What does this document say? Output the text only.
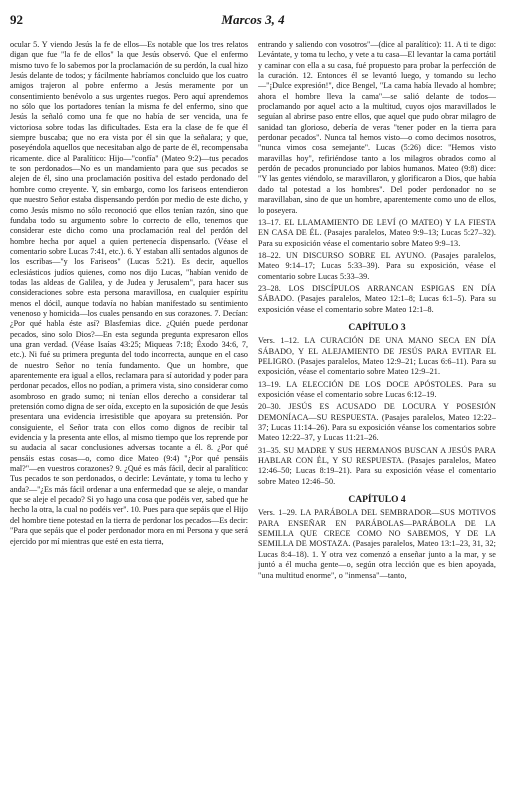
92	Marcos 3, 4

ocular 5. Y viendo Jesús la fe de ellos—Es notable que los tres relatos digan que fue "la fe de ellos" la que Jesús observó. Que el enfermo mismo tuvo fe lo sabemos por la proclamación de su perdón, la cual hizo Jesús delante de todos; y fácilmente habríamos concluido que los cuatro amigos trajeron al pobre enfermo a Jesús meramente por un consentimiento benévolo a sus urgentes ruegos. Pero aquí aprendemos no sólo que los portadores tenían la misma fe del enfermo, sino que Jesús la señaló como una fe que no había de ser vencida, una fe victoriosa sobre todas las dificultades. Esta era la clase de fe que él siempre buscaba; que no era vista por él sin que la señalara; y que, poseyéndola aquellos que necesitaban algo de parte de él, recompensaba ricamente. dice al Paralítico: Hijo—"confía" (Mateo 9:2)—tus pecados te son perdonados—No es un mandamiento para que sus pecados se alejen de él, sino una proclamación positiva del estado perdonado del hombre como creyente. Y, sin embargo, como los fariseos entendieron que nuestro Señor estaba dispensando perdón por medio de este dicho, y como Jesús mismo no sólo reconoció que ellos tenían razón, sino que fundaba todo su argumento sobre lo correcto de ello, tenemos que considerar este dicho como una proclamación real del perdón del hombre hecha por aquel a quien pertenecía dispensarlo. (Véase el comentario sobre Lucas 7:41, etc.). 6. Y estaban allí sentados algunos de los escribas—"y los Fariseos" (Lucas 5:21). Es decir, aquellos eclesiásticos judíos quienes, como nos dijo Lucas, "habían venido de todas las aldeas de Galilea, y de Judea y Jerusalem", para hacer sus consideraciones sobre esta persona maravillosa, en cualquier espíritu menos el dócil, aunque todavía no habían manifestado su sentimiento venenoso y homicida—los cuales pensando en sus corazones. 7. Decían: ¿Por qué habla éste así? Blasfemias dice. ¿Quién puede perdonar pecados, sino solo Dios?—En esta segunda pregunta expresaron ellos una gran verdad. (Véase Isaías 43:25; Miqueas 7:18; Éxodo 34:6, 7, etc.). Ni fué su primera pregunta del todo incorrecta, aunque en el caso de nuestro Señor no tenía fundamento. Que un hombre, que aparentemente era igual a ellos, reclamara para sí autoridad y poder para perdonar pecados, ellos no podían, a primera vista, sino considerar como asombroso en grado sumo; ni tenían ellos derecho a considerar tal pretensión como digna de ser oída, excepto en la suposición de que Jesús presentara una evidencia irresistible que apoyara su pretensión. Por consiguiente, el Señor trata con ellos como dignos de recibir tal evidencia y la presenta ante ellos, al mismo tiempo que los reprende por su audacia al sacar conclusiones adversas tocante a él. 8. ¿Por qué pensáis estas cosas—o, como dice Mateo (9:4) "¿Por qué pensáis mal?"—en vuestros corazones? 9. ¿Qué es más fácil, decir al paralítico: Tus pecados te son perdonados, o decirle: Levántate, y toma tu lecho y anda?—"¿Es más fácil ordenar a una enfermedad que se aleje, o mandar que se aleje el pecado? Si yo hago una cosa que podéis ver, sabed que he hecho la otra, la cual no podéis ver". 10. Pues para que sepáis que el Hijo del hombre tiene potestad en la tierra de perdonar los pecados—Es decir: "Para que sepáis que el poder perdonador mora en mi Persona y que será ejercido por mí mientras que esté en esta tierra,

entrando y saliendo con vosotros"—(dice al paralítico): 11. A ti te digo: Levántate, y toma tu lecho, y vete a tu casa—El levantar la cama portátil y caminar con ella a su casa, fué propuesto para probar la perfección de la curación. 12. Entonces él se levantó luego, y tomando su lecho—"¡Dulce expresión!", dice Bengel, "La cama había llevado al hombre; ahora el hombre lleva la cama"—se salió delante de todos—proclamando por aquel acto a la multitud, cuyos ojos maravillados le seguían al abrirse paso entre ellos, que aquel que pudo obrar milagro de sanidad tan glorioso, debería de veras "tener poder en la tierra para perdonar pecados". Nunca tal hemos visto—o como decimos nosotros, "nunca vimos cosa semejante". Lucas (5:26) dice: "Hemos visto maravillas hoy", refiriéndose tanto a los milagros obrados como al perdón de pecados pronunciado por labios humanos. Mateo (9:8) dice: "Y las gentes viéndolo, se maravillaron, y glorificaron a Dios, que había dado tal potestad a los hombres". Del poder perdonador no se maravillaban, sino de que un hombre, aparentemente como uno de ellos, lo poseyera.

13–17. EL LLAMAMIENTO DE LEVÍ (O MATEO) Y LA FIESTA EN CASA DE ÉL. (Pasajes paralelos, Mateo 9:9–13; Lucas 5:27–32). Para su exposición véase el comentario sobre Mateo 9:9–13.

18–22. UN DISCURSO SOBRE EL AYUNO. (Pasajes paralelos, Mateo 9:14–17; Lucas 5:33–39). Para su exposición, véase el comentario sobre Lucas 5:33–39.

23–28. LOS DISCÍPULOS ARRANCAN ESPIGAS EN DÍA SÁBADO. (Pasajes paralelos, Mateo 12:1–8; Lucas 6:1–5). Para su exposición véase el comentario sobre Mateo 12:1–8.

CAPÍTULO 3

Vers. 1–12. LA CURACIÓN DE UNA MANO SECA EN DÍA SÁBADO, Y EL ALEJAMIENTO DE JESÚS PARA EVITAR EL PELIGRO. (Pasajes paralelos, Mateo 12:9–21; Lucas 6:6–11). Para su exposición, véase el comentario sobre Mateo 12:9–21.

13–19. LA ELECCIÓN DE LOS DOCE APÓSTOLES. Para su exposición véase el comentario sobre Lucas 6:12–19.

20–30. JESÚS ES ACUSADO DE LOCURA Y POSESIÓN DEMONÍACA—SU RESPUESTA. (Pasajes paralelos, Mateo 12:22–37; Lucas 11:14–26). Para su exposición véanse los comentarios sobre Mateo 12:22–37, y Lucas 11:21–26.

31–35. SU MADRE Y SUS HERMANOS BUSCAN A JESÚS PARA HABLAR CON ÉL, Y SU RESPUESTA. (Pasajes paralelos, Mateo 12:46–50; Lucas 8:19–21). Para su exposición véase el comentario sobre Mateo 12:46–50.

CAPÍTULO 4

Vers. 1–29. LA PARÁBOLA DEL SEMBRADOR—SUS MOTIVOS PARA ENSEÑAR EN PARÁBOLAS—PARÁBOLA DE LA SEMILLA QUE CRECE COMO NO SABEMOS, Y DE LA SEMILLA DE MOSTAZA. (Pasajes paralelos, Mateo 13:1–23, 31, 32; Lucas 8:4–18). 1. Y otra vez comenzó a enseñar junto a la mar, y se juntó a él mucha gente—o, según otra lección que es bien apoyada, "una multitud enorme", o "inmensa"—tanto,
